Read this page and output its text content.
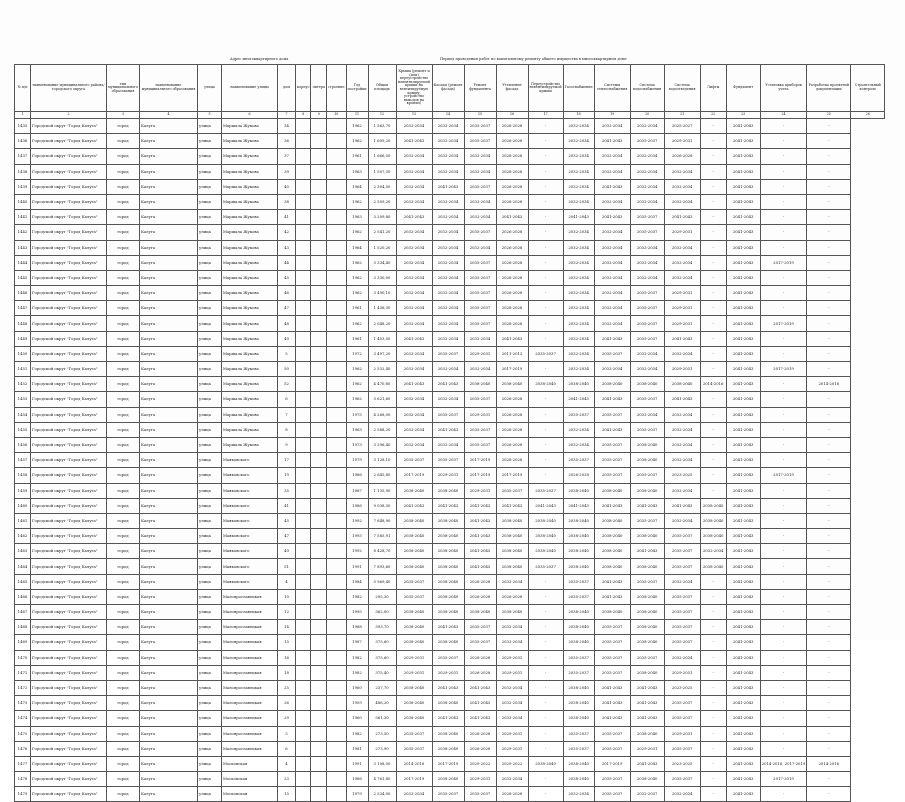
Адрес многоквартирного дома	Период проведения работ по капитальному ремонту общего имущества в многоквартирном доме
№ п/п	наименование муниципального района/городского округа	тип муниципального образования	наименование муниципального образования	улица	наименование улицы	дом	корпус	литера	строение	Год постройки	Общая площадь	Крыша (ремонт и (или) переустройство невентилируемой крыши на вентилируемую крышу, устройство выходов на кровлю)	Фасады (ремонт фасада)	Ремонт фундамента	Утепление фасада	Переустройство невентилируемой крыши	Газоснабжение	Системы теплоснабжения	Система водоснабжения	Система водоотведения	Лифты	Фундамент	Установка приборов учета	Разработка проектной документации	Строительный контроль
1	2	3	4	5	6	7	8	9	10	11	12	13	14	15	16	17	18	19	20	21	22	23	24	25	26
1435	Городской округ "Город Калуга"	город	Калуга	улица	Маршала Жукова	34				1962	1 563,70	2032-2034	2032-2034	2035-2037	2026-2028	-	2032-2034	2032-2034	2032-2034	2025-2027	-	2041-2043	-	-	
1436	Городской округ "Город Калуга"	город	Калуга	улица	Маршала Жукова	36				1962	1 609,20	2041-2043	2032-2034	2035-2037	2026-2028	-	2032-2034	2041-2043	2035-2037	2029-2031	-	2041-2043	-	-	
1437	Городской округ "Город Калуга"	город	Калуга	улица	Маршала Жукова	37				1961	1 666,50	2032-2034	2032-2034	2032-2034	2026-2028	-	2032-2034	2032-2034	2032-2034	2026-2028	-	2041-2043	-	-	
1438	Городской округ "Город Калуга"	город	Калуга	улица	Маршала Жукова	39				1963	1 507,30	2032-2034	2032-2034	2032-2034	2026-2028	-	2032-2034	2032-2034	2032-2034	2032-2034	-	2041-2043	-	-	
1439	Городской округ "Город Калуга"	город	Калуга	улица	Маршала Жукова	40				1964	2 304,50	2032-2034	2041-2043	2035-2037	2026-2028	-	2032-2034	2041-2043	2032-2034	2032-2034	-	2041-2043	-	-	
1440	Городской округ "Город Калуга"	город	Калуга	улица	Маршала Жукова	38				1962	2 509,20	2032-2034	2032-2034	2032-2034	2026-2028	-	2032-2034	2032-2034	2032-2034	2032-2034	-	2041-2043	-	-	
1441	Городской округ "Город Калуга"	город	Калуга	улица	Маршала Жукова	41				1963	3 209,80	2041-2043	2032-2034	2032-2034	2041-2043	-	2041-2043	2041-2043	2035-2037	2041-2043	-	2041-2043	-	-	
1442	Городской округ "Город Калуга"	город	Калуга	улица	Маршала Жукова	42				1962	2 541,20	2032-2034	2032-2034	2035-2037	2026-2028	-	2032-2034	2032-2034	2035-2037	2029-2031	-	2041-2043	-	-	
1443	Городской округ "Город Калуга"	город	Калуга	улица	Маршала Жукова	43				1964	1 520,20	2032-2034	2032-2034	2032-2034	2026-2028	-	2032-2034	2032-2034	2032-2034	2032-2034	-	2041-2043	-	-	
1444	Городской округ "Город Калуга"	город	Калуга	улица	Маршала Жукова	44				1962	3 334,40	2032-2034	2032-2034	2035-2037	2026-2028	-	2032-2034	2032-2034	2032-2034	2032-2034	-	2041-2043	2017-2019	-	
1445	Городской округ "Город Калуга"	город	Калуга	улица	Маршала Жукова	45				1962	3 330,00	2032-2034	2032-2034	2035-2037	2026-2028	-	2032-2034	2032-2034	2032-2034	2032-2034	-	2041-2043	-	-	
1446	Городской округ "Город Калуга"	город	Калуга	улица	Маршала Жукова	46				1962	3 490,10	2032-2034	2032-2034	2035-2037	2026-2028	-	2032-2034	2032-2034	2035-2037	2029-2031	-	2041-2043	-	-	
1447	Городской округ "Город Калуга"	город	Калуга	улица	Маршала Жукова	47				1961	1 436,30	2032-2034	2032-2034	2035-2037	2026-2028	-	2032-2034	2032-2034	2035-2037	2029-2031	-	2041-2043	-	-	
1448	Городской округ "Город Калуга"	город	Калуга	улица	Маршала Жукова	48				1962	2 048,20	2032-2034	2032-2034	2035-2037	2026-2028	-	2032-2034	2032-2034	2035-2037	2029-2031	-	2041-2043	2017-2019	-	
1449	Городской округ "Город Калуга"	город	Калуга	улица	Маршала Жукова	49				1961	1 453,50	2041-2043	2032-2034	2032-2034	2041-2043	-	2032-2034	2041-2043	2035-2037	2041-2043	-	2041-2043	-	-	
1450	Городской округ "Город Калуга"	город	Калуга	улица	Маршала Жукова	5				1972	3 497,20	2032-2034	2035-2037	2029-2031	2011-2013	2035-2037	2032-2034	2035-2037	2032-2034	2032-2034	-	2041-2043	-	-	
1451	Городской округ "Город Калуга"	город	Калуга	улица	Маршала Жукова	50				1962	2 532,40	2032-2034	2032-2034	2032-2034	2017-2019	-	2032-2034	2032-2034	2032-2034	2029-2031	-	2041-2043	2017-2019	-	
1452	Городской округ "Город Калуга"	город	Калуга	улица	Маршала Жукова	52				1962	4 470,80	2041-2043	2041-2043	2038-2040	2038-2040	2038-2040	2038-2040	2038-2040	2038-2040	2038-2040	2014-2016	2041-2043	-	2014-2016	
1453	Городской округ "Город Калуга"	город	Калуга	улица	Маршала Жукова	6				1962	3 621,60	2032-2034	2032-2034	2035-2037	2026-2028	-	2041-2043	2041-2043	2035-2037	2041-2043	-	2041-2043	-	-	
1454	Городской округ "Город Калуга"	город	Калуга	улица	Маршала Жукова	7				1975	4 268,00	2032-2034	2035-2037	2029-2031	2026-2028	-	2035-2037	2035-2037	2032-2034	2032-2034	-	2041-2043	-	-	
1455	Городской округ "Город Калуга"	город	Калуга	улица	Маршала Жукова	8				1963	2 588,20	2032-2034	2041-2043	2035-2037	2026-2028	-	2032-2034	2041-2043	2035-2037	2032-2034	-	2041-2043	-	-	
1456	Городской округ "Город Калуга"	город	Калуга	улица	Маршала Жукова	9				1973	3 296,40	2032-2034	2032-2034	2035-2037	2026-2028	-	2032-2034	2035-2037	2038-2040	2032-2034	-	2041-2043	-	-	
1457	Городской округ "Город Калуга"	город	Калуга	улица	Маяковского	17				1979	3 128,10	2035-2037	2035-2037	2017-2019	2026-2028	-	2035-2037	2035-2037	2038-2040	2032-2034	-	2041-2043	-	-	
1458	Городской округ "Город Калуга"	город	Калуга	улица	Маяковского	19				1986	2 645,80	2017-2019	2029-2031	2017-2019	2017-2019	-	2026-2028	2035-2037	2035-2037	2023-2025	-	2041-2043	2017-2019	-	
1459	Городской округ "Город Калуга"	город	Калуга	улица	Маяковского	35				1987	1 135,90	2038-2040	2038-2040	2029-2031	2035-2037	2035-2037	2038-2040	2038-2040	2038-2040	2032-2034	-	2041-2043	-	-	
1460	Городской округ "Город Калуга"	город	Калуга	улица	Маяковского	41				1986	9 038,30	2041-2043	2041-2043	2041-2043	2041-2043	2041-2043	2041-2043	2041-2043	2041-2043	2041-2043	2038-2040	2041-2043	-	-	
1461	Городской округ "Город Калуга"	город	Калуга	улица	Маяковского	45				1992	7 648,90	2038-2040	2038-2040	2041-2043	2038-2040	2038-2040	2038-2040	2038-2040	2035-2037	2032-2034	2038-2040	2041-2043	-	-	
1462	Городской округ "Город Калуга"	город	Калуга	улица	Маяковского	47				1993	7 585,91	2038-2040	2038-2040	2041-2043	2038-2040	2038-2040	2038-2040	2038-2040	2038-2040	2035-2037	2038-2040	2041-2043	-	-	
1463	Городской округ "Город Калуга"	город	Калуга	улица	Маяковского	49				1992	8 428,70	2038-2040	2038-2040	2041-2043	2038-2040	2038-2040	2038-2040	2038-2040	2041-2043	2035-2037	2032-2034	2041-2043	-	-	
1464	Городской округ "Город Калуга"	город	Калуга	улица	Маяковского	51				1991	7 893,60	2038-2040	2038-2040	2041-2043	2038-2040	2035-2037	2038-2040	2038-2040	2038-2040	2035-2037	2038-2040	2041-2043	-	-	
1465	Городской округ "Город Калуга"	город	Калуга	улица	Маяковского	4				1984	5 969,40	2035-2037	2038-2040	2026-2028	2032-2034	-	2035-2037	2041-2043	2035-2037	2032-2034	-	2041-2043	-	-	
1466	Городской округ "Город Калуга"	город	Калуга	улица	Малоярославецкая	10				1982	295,30	2035-2037	2038-2040	2026-2028	2026-2028	-	2035-2037	2041-2043	2038-2040	2035-2037	-	2041-2043	-	-	
1467	Городской округ "Город Калуга"	город	Калуга	улица	Малоярославецкая	12				1995	362,00	2038-2040	2038-2040	2038-2040	2038-2040	-	2038-2040	2038-2040	2038-2040	2035-2037	-	2041-2043	-	-	
1468	Городской округ "Город Калуга"	город	Калуга	улица	Малоярославецкая	14				1988	393,70	2038-2040	2041-2043	2035-2037	2032-2034	-	2038-2040	2035-2037	2038-2040	2035-2037	-	2041-2043	-	-	
1469	Городской округ "Город Калуга"	город	Калуга	улица	Малоярославецкая	15				1987	375,60	2038-2040	2038-2040	2035-2037	2032-2034	-	2038-2040	2035-2037	2038-2040	2035-2037	-	2041-2043	-	-	
1470	Городской округ "Город Калуга"	город	Калуга	улица	Малоярославецкая	16				1982	375,60	2029-2031	2035-2037	2026-2028	2029-2031	-	2035-2037	2035-2037	2035-2037	2032-2034	-	2041-2043	-	-	
1471	Городской округ "Город Калуга"	город	Калуга	улица	Малоярославецкая	18				1982	375,40	2029-2031	2029-2031	2026-2028	2029-2031	-	2035-2037	2035-2037	2038-2040	2029-2031	-	2041-2043	-	-	
1472	Городской округ "Город Калуга"	город	Калуга	улица	Малоярославецкая	25				1960	237,70	2038-2040	2041-2043	2041-2043	2032-2034	-	2038-2040	2041-2043	2041-2043	2023-2025	-	2041-2043	-	-	
1473	Городской округ "Город Калуга"	город	Калуга	улица	Малоярославецкая	26				1959	486,20	2038-2040	2038-2040	2041-2043	2032-2034	-	2038-2040	2041-2043	2041-2043	2035-2037	-	2041-2043	-	-	
1474	Городской округ "Город Калуга"	город	Калуга	улица	Малоярославецкая	29				1960	561,30	2038-2040	2041-2043	2041-2043	2032-2034	-	2038-2040	2041-2043	2041-2043	2035-2037	-	2041-2043	-	-	
1475	Городской округ "Город Калуга"	город	Калуга	улица	Малоярославецкая	3				1982	273,50	2035-2037	2038-2040	2026-2028	2029-2031	-	2035-2037	2035-2037	2038-2040	2029-2031	-	2041-2043	-	-	
1476	Городской округ "Город Калуга"	город	Калуга	улица	Малоярославецкая	6				1981	273,90	2035-2037	2038-2040	2026-2028	2029-2031	-	2035-2037	2035-2037	2029-2031	2035-2037	-	2041-2043	-	-	
1477	Городской округ "Город Калуга"	город	Калуга	улица	Московская	4				1991	3 108,50	2014-2016	2017-2019	2020-2022	2020-2022	2038-2040	2038-2040	2017-2019	2041-2043	2023-2025	-	2041-2043	2014-2016, 2017-2019	2014-2016	
1478	Городской округ "Город Калуга"	город	Калуга	улица	Московская	23				1986	4 761,80	2017-2019	2038-2040	2029-2031	2032-2034	-	2038-2040	2035-2037	2038-2040	2035-2037	-	2041-2043	2017-2019	-	
1479	Городской округ "Город Калуга"	город	Калуга	улица	Московская	15				1979	2 534,00	2032-2034	2035-2037	2035-2037	2026-2028	-	2032-2034	2035-2037	2032-2037	2032-2034	-	2041-2043	-	-	
